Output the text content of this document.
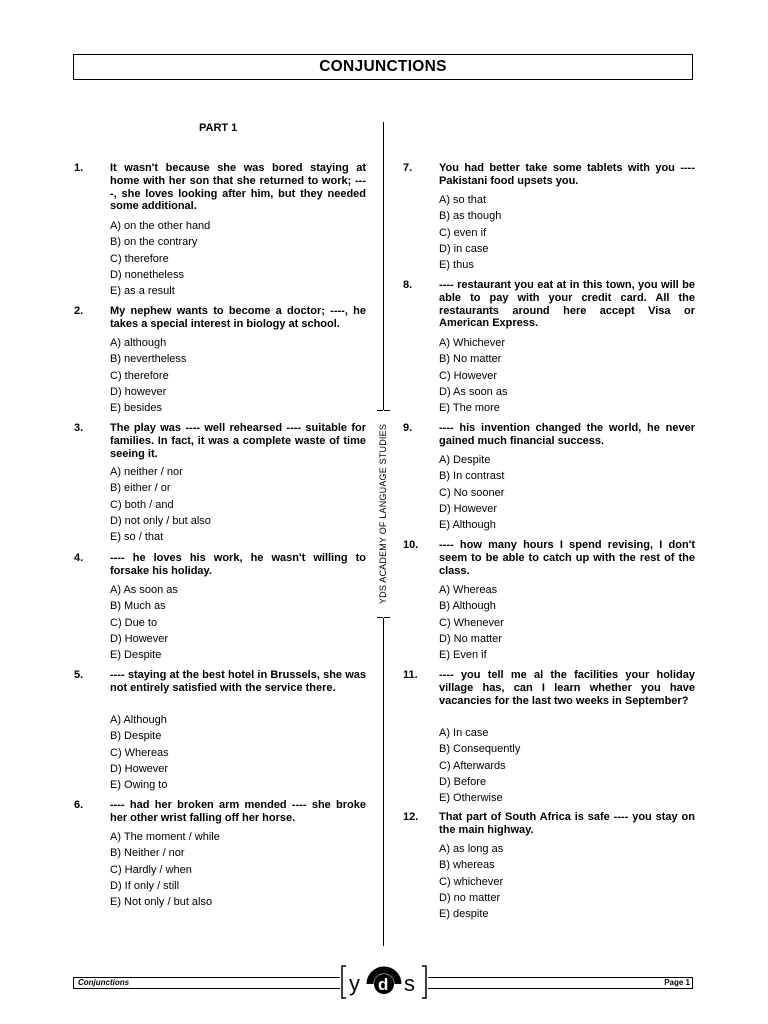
CONJUNCTIONS
PART 1
YDS ACADEMY OF LANGUAGE STUDIES
1. It wasn't because she was bored staying at home with her son that she returned to work; ----, she loves looking after him, but they needed some additional.

A) on the other hand
B) on the contrary
C) therefore
D) nonetheless
E) as a result
2. My nephew wants to become a doctor; ----, he takes a special interest in biology at school.

A) although
B) nevertheless
C) therefore
D) however
E) besides
3. The play was ---- well rehearsed ---- suitable for families. In fact, it was a complete waste of time seeing it.

A) neither / nor
B) either / or
C) both / and
D) not only / but also
E) so / that
4. ---- he loves his work, he wasn't willing to forsake his holiday.

A) As soon as
B) Much as
C) Due to
D) However
E) Despite
5. ---- staying at the best hotel in Brussels, she was not entirely satisfied with the service there.

A) Although
B) Despite
C) Whereas
D) However
E) Owing to
6. ---- had her broken arm mended ---- she broke her other wrist falling off her horse.

A) The moment / while
B) Neither / nor
C) Hardly / when
D) If only / still
E) Not only / but also
7. You had better take some tablets with you ---- Pakistani food upsets you.

A) so that
B) as though
C) even if
D) in case
E) thus
8. ---- restaurant you eat at in this town, you will be able to pay with your credit card. All the restaurants around here accept Visa or American Express.

A) Whichever
B) No matter
C) However
D) As soon as
E) The more
9. ---- his invention changed the world, he never gained much financial success.

A) Despite
B) In contrast
C) No sooner
D) However
E) Although
10. ---- how many hours I spend revising, I don't seem to be able to catch up with the rest of the class.

A) Whereas
B) Although
C) Whenever
D) No matter
E) Even if
11. ---- you tell me al the facilities your holiday village has, can I learn whether you have vacancies for the last two weeks in September?

A) In case
B) Consequently
C) Afterwards
D) Before
E) Otherwise
12. That part of South Africa is safe ---- you stay on the main highway.

A) as long as
B) whereas
C) whichever
D) no matter
E) despite
Conjunctions	Page 1
y d s
